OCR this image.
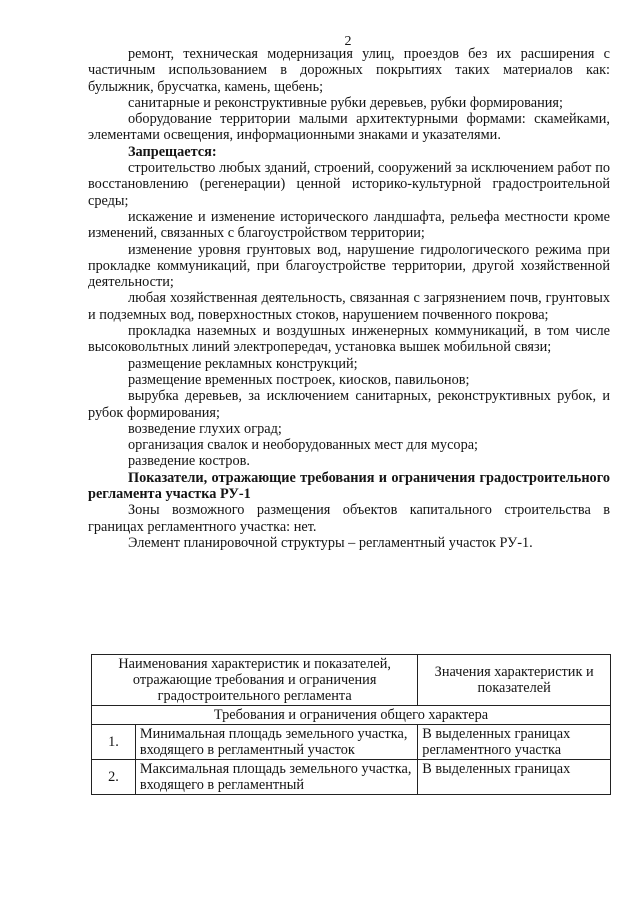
2

ремонт, техническая модернизация улиц, проездов без их расширения с частичным использованием в дорожных покрытиях таких материалов как: булыжник, брусчатка, камень, щебень;

санитарные и реконструктивные рубки деревьев, рубки формирования;

оборудование территории малыми архитектурными формами: скамейками, элементами освещения, информационными знаками и указателями.

Запрещается:

строительство любых зданий, строений, сооружений за исключением работ по восстановлению (регенерации) ценной историко-культурной градостроительной среды;

искажение и изменение исторического ландшафта, рельефа местности кроме изменений, связанных с благоустройством территории;

изменение уровня грунтовых вод, нарушение гидрологического режима при прокладке коммуникаций, при благоустройстве территории, другой хозяйственной деятельности;

любая хозяйственная деятельность, связанная с загрязнением почв, грунтовых и подземных вод, поверхностных стоков, нарушением почвенного покрова;

прокладка наземных и воздушных инженерных коммуникаций, в том числе высоковольтных линий электропередач, установка вышек мобильной связи;

размещение рекламных конструкций;

размещение временных построек, киосков, павильонов;

вырубка деревьев, за исключением санитарных, реконструктивных рубок, и рубок формирования;

возведение глухих оград;

организация свалок и необорудованных мест для мусора;

разведение костров.

Показатели, отражающие требования и ограничения градостроительного регламента участка РУ-1

Зоны возможного размещения объектов капитального строительства в границах регламентного участка: нет.

Элемент планировочной структуры – регламентный участок РУ-1.

Наименования характеристик и показателей, отражающие требования и ограничения градостроительного регламента		Значения характеристик и показателей
Требования и ограничения общего характера		
1.	Минимальная площадь земельного участка, входящего в регламентный участок	В выделенных границах регламентного участка
2.	Максимальная площадь земельного участка, входящего в регламентный	В выделенных границах
